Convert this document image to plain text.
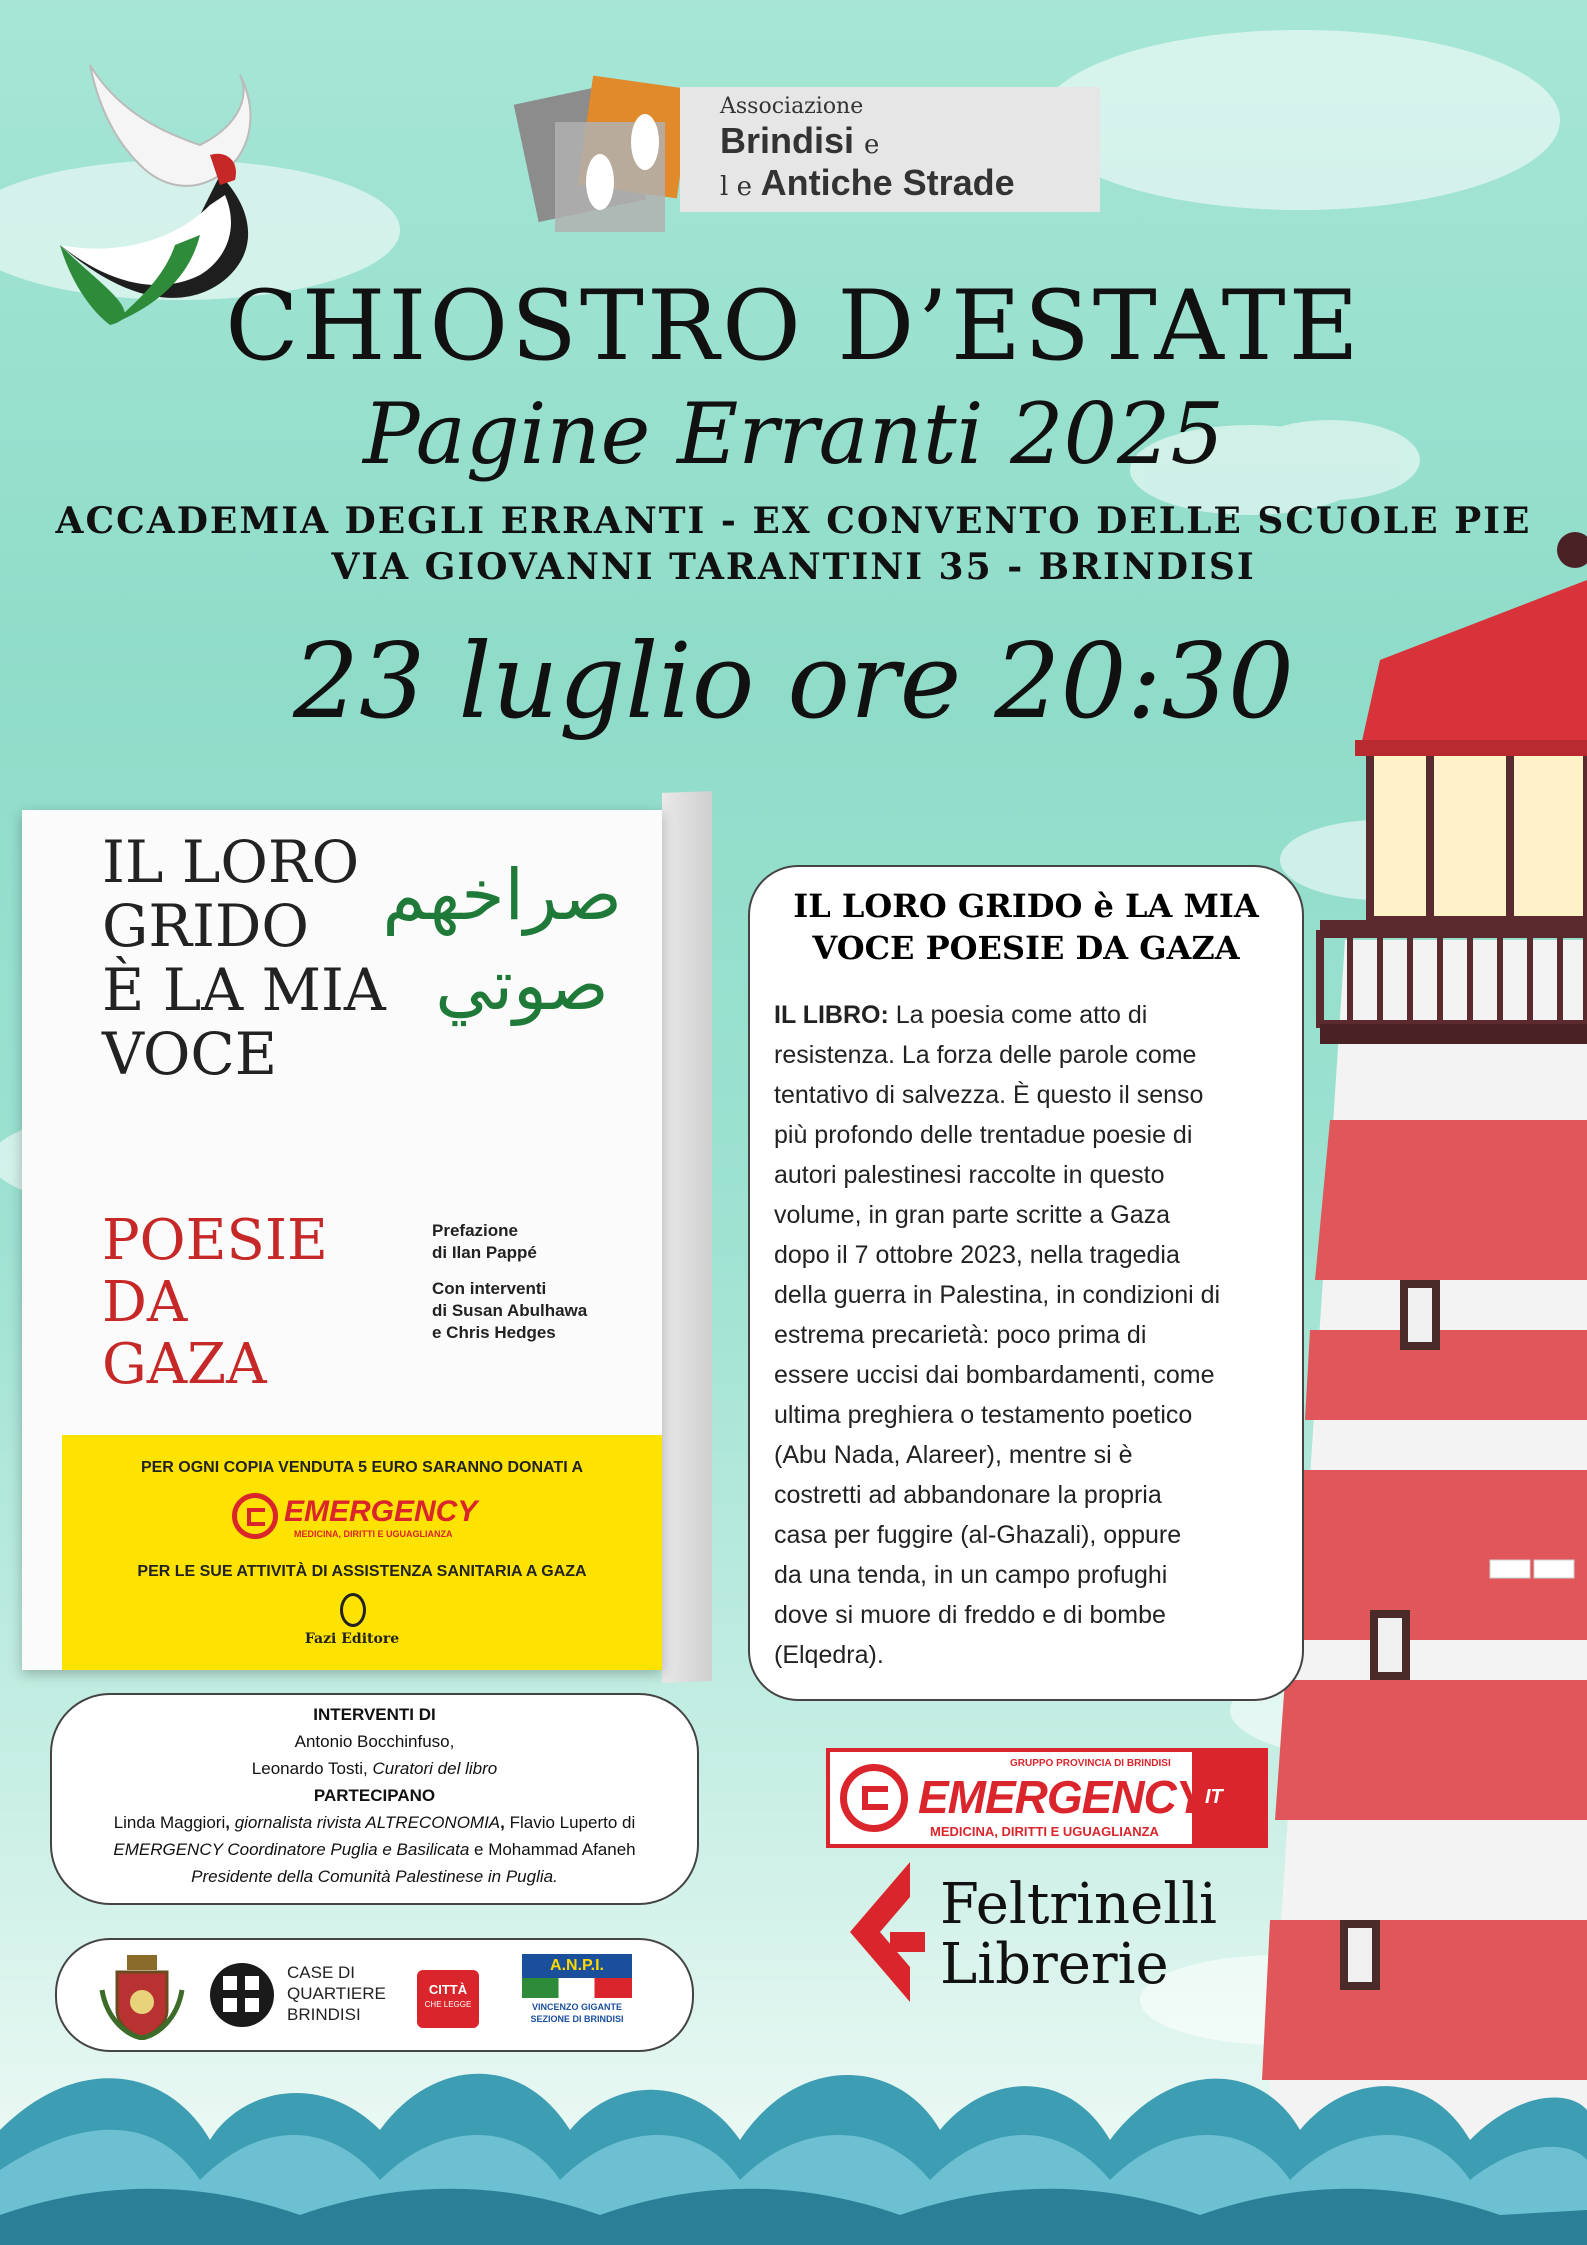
Associazione
Brindisi e
l e Antiche Strade
CHIOSTRO D’ESTATE
Pagine Erranti 2025
ACCADEMIA DEGLI ERRANTI - EX CONVENTO DELLE SCUOLE PIE
VIA GIOVANNI TARANTINI 35 - BRINDISI
23 luglio ore 20:30
IL LORO
GRIDO
È LA MIA
VOCE
صراخهم صوتي
POESIE
DA
GAZA
Prefazione
di Ilan Pappé
Con interventi
di Susan Abulhawa
e Chris Hedges
PER OGNI COPIA VENDUTA 5 EURO SARANNO DONATI A
EMERGENCY
MEDICINA, DIRITTI E UGUAGLIANZA
PER LE SUE ATTIVITÀ DI ASSISTENZA SANITARIA A GAZA
Fazi Editore
IL LORO GRIDO è LA MIA
VOCE POESIE DA GAZA
IL LIBRO: La poesia come atto di
resistenza. La forza delle parole come
tentativo di salvezza. È questo il senso
più profondo delle trentadue poesie di
autori palestinesi raccolte in questo
volume, in gran parte scritte a Gaza
dopo il 7 ottobre 2023, nella tragedia
della guerra in Palestina, in condizioni di
estrema precarietà: poco prima di
essere uccisi dai bombardamenti, come
ultima preghiera o testamento poetico
(Abu Nada, Alareer), mentre si è
costretti ad abbandonare la propria
casa per fuggire (al-Ghazali), oppure
da una tenda, in un campo profughi
dove si muore di freddo e di bombe
(Elqedra).
INTERVENTI DI
Antonio Bocchinfuso,
Leonardo Tosti, Curatori del libro
PARTECIPANO
Linda Maggiori, giornalista rivista ALTRECONOMIA, Flavio Luperto di
EMERGENCY Coordinatore Puglia e Basilicata e Mohammad Afaneh
Presidente della Comunità Palestinese in Puglia.
CASE DI
QUARTIERE
BRINDISI
CITTÀ
CHE LEGGE
A.N.P.I.
VINCENZO GIGANTE
SEZIONE DI BRINDISI
IT
GRUPPO PROVINCIA DI BRINDISI
EMERGENCY
MEDICINA, DIRITTI E UGUAGLIANZA
Feltrinelli
Librerie
